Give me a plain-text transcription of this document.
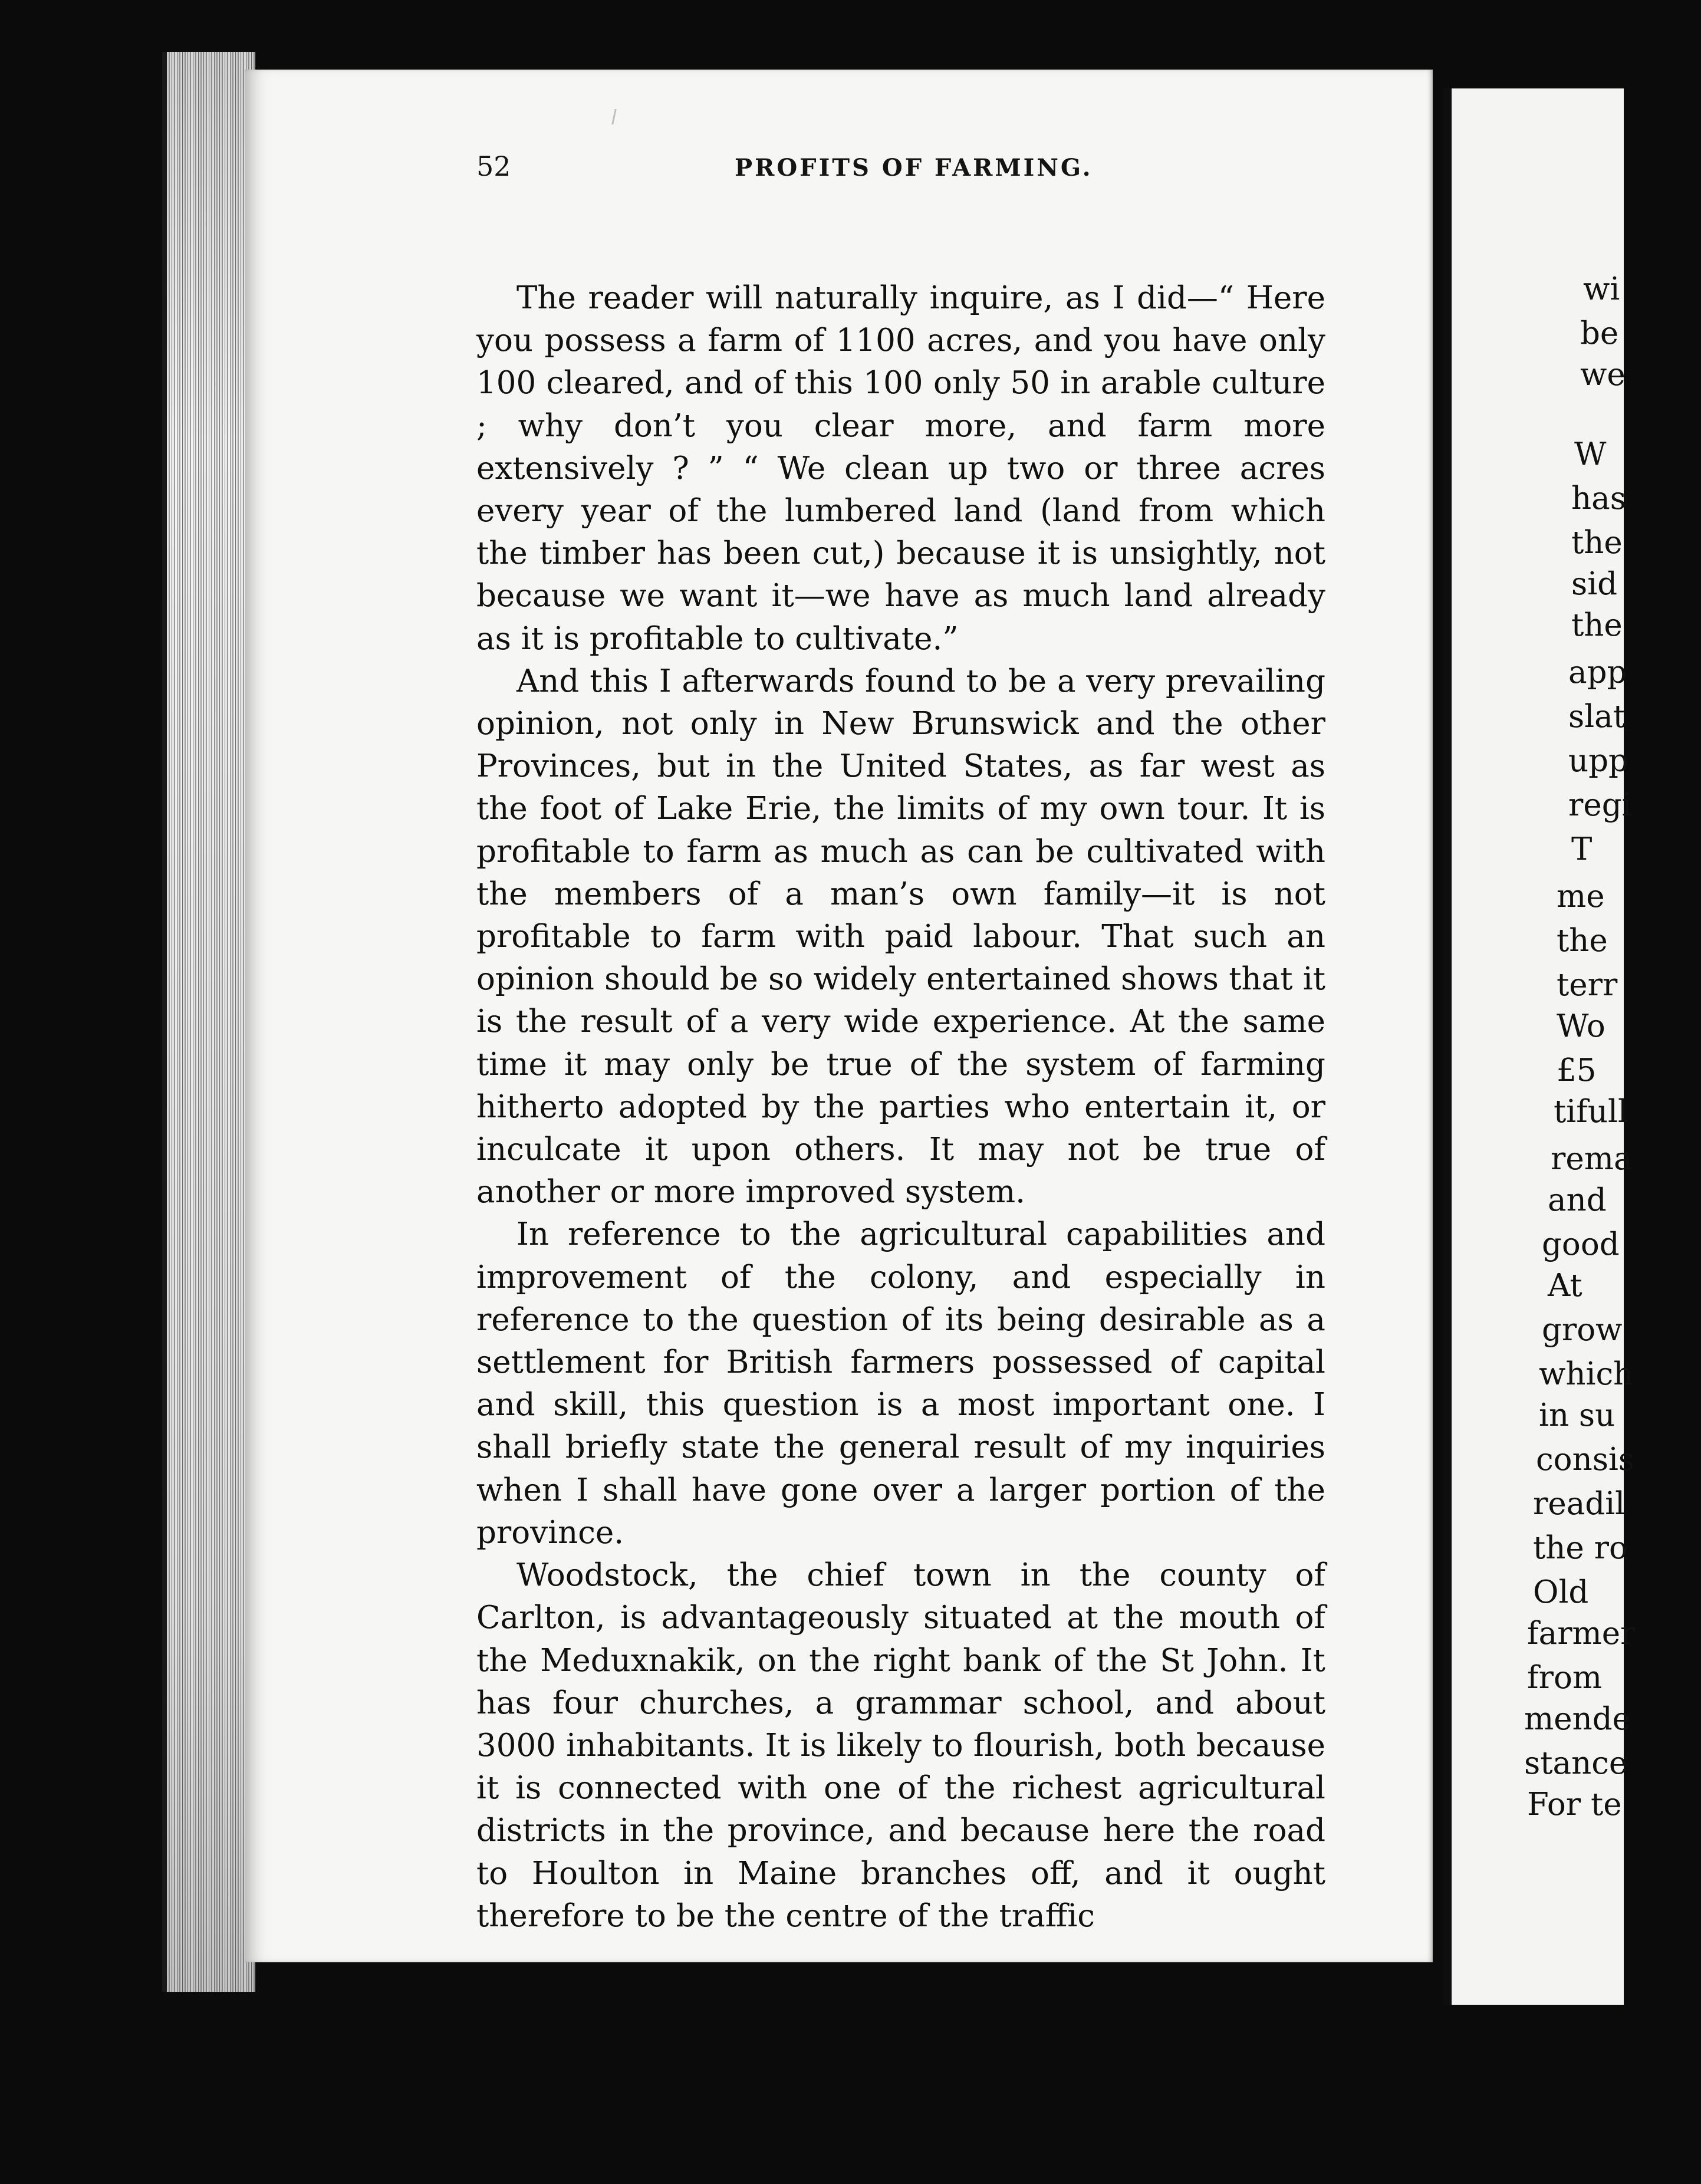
52	PROFITS OF FARMING.

The reader will naturally inquire, as I did—“ Here you possess a farm of 1100 acres, and you have only 100 cleared, and of this 100 only 50 in arable culture ; why don’t you clear more, and farm more extensively ? ” “ We clean up two or three acres every year of the lumbered land (land from which the timber has been cut,) because it is unsightly, not because we want it—we have as much land already as it is profitable to cultivate.”

And this I afterwards found to be a very prevailing opinion, not only in New Brunswick and the other Provinces, but in the United States, as far west as the foot of Lake Erie, the limits of my own tour. It is profitable to farm as much as can be cultivated with the members of a man’s own family—it is not profitable to farm with paid labour. That such an opinion should be so widely entertained shows that it is the result of a very wide experience. At the same time it may only be true of the system of farming hitherto adopted by the parties who entertain it, or inculcate it upon others. It may not be true of another or more improved system.

In reference to the agricultural capabilities and improvement of the colony, and especially in reference to the question of its being desirable as a settlement for British farmers possessed of capital and skill, this question is a most important one. I shall briefly state the general result of my inquiries when I shall have gone over a larger portion of the province.

Woodstock, the chief town in the county of Carlton, is advantageously situated at the mouth of the Meduxnakik, on the right bank of the St John. It has four churches, a grammar school, and about 3000 inhabitants. It is likely to flourish, both because it is connected with one of the richest agricultural districts in the province, and because here the road to Houlton in Maine branches off, and it ought therefore to be the centre of the traffic

wi
be
we
W
has
the
sid
the
app
slat
upp
regi
T
me
the
terr
Wo
£5
tifull
rema
and
good
At
grow
which
in su
consis
readil
the ro
Old
farmer
from
mende
stance
For te
